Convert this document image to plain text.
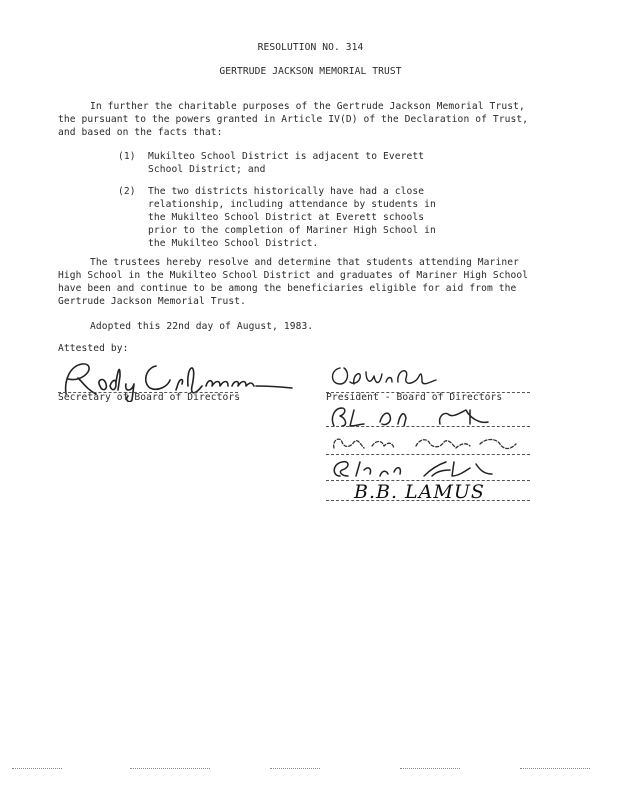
RESOLUTION NO. 314
GERTRUDE JACKSON MEMORIAL TRUST
In further the charitable purposes of the Gertrude Jackson Memorial Trust,
the pursuant to the powers granted in Article IV(D) of the Declaration of Trust,
and based on the facts that:
(1) Mukilteo School District is adjacent to Everett
School District; and
(2) The two districts historically have had a close
relationship, including attendance by students in
the Mukilteo School District at Everett schools
prior to the completion of Mariner High School in
the Mukilteo School District.
The trustees hereby resolve and determine that students attending Mariner
High School in the Mukilteo School District and graduates of Mariner High School
have been and continue to be among the beneficiaries eligible for aid from the
Gertrude Jackson Memorial Trust.
Adopted this 22nd day of August, 1983.
Attested by:
Secretary of Board of Directors	President - Board of Directors
B.B. LAMUS
